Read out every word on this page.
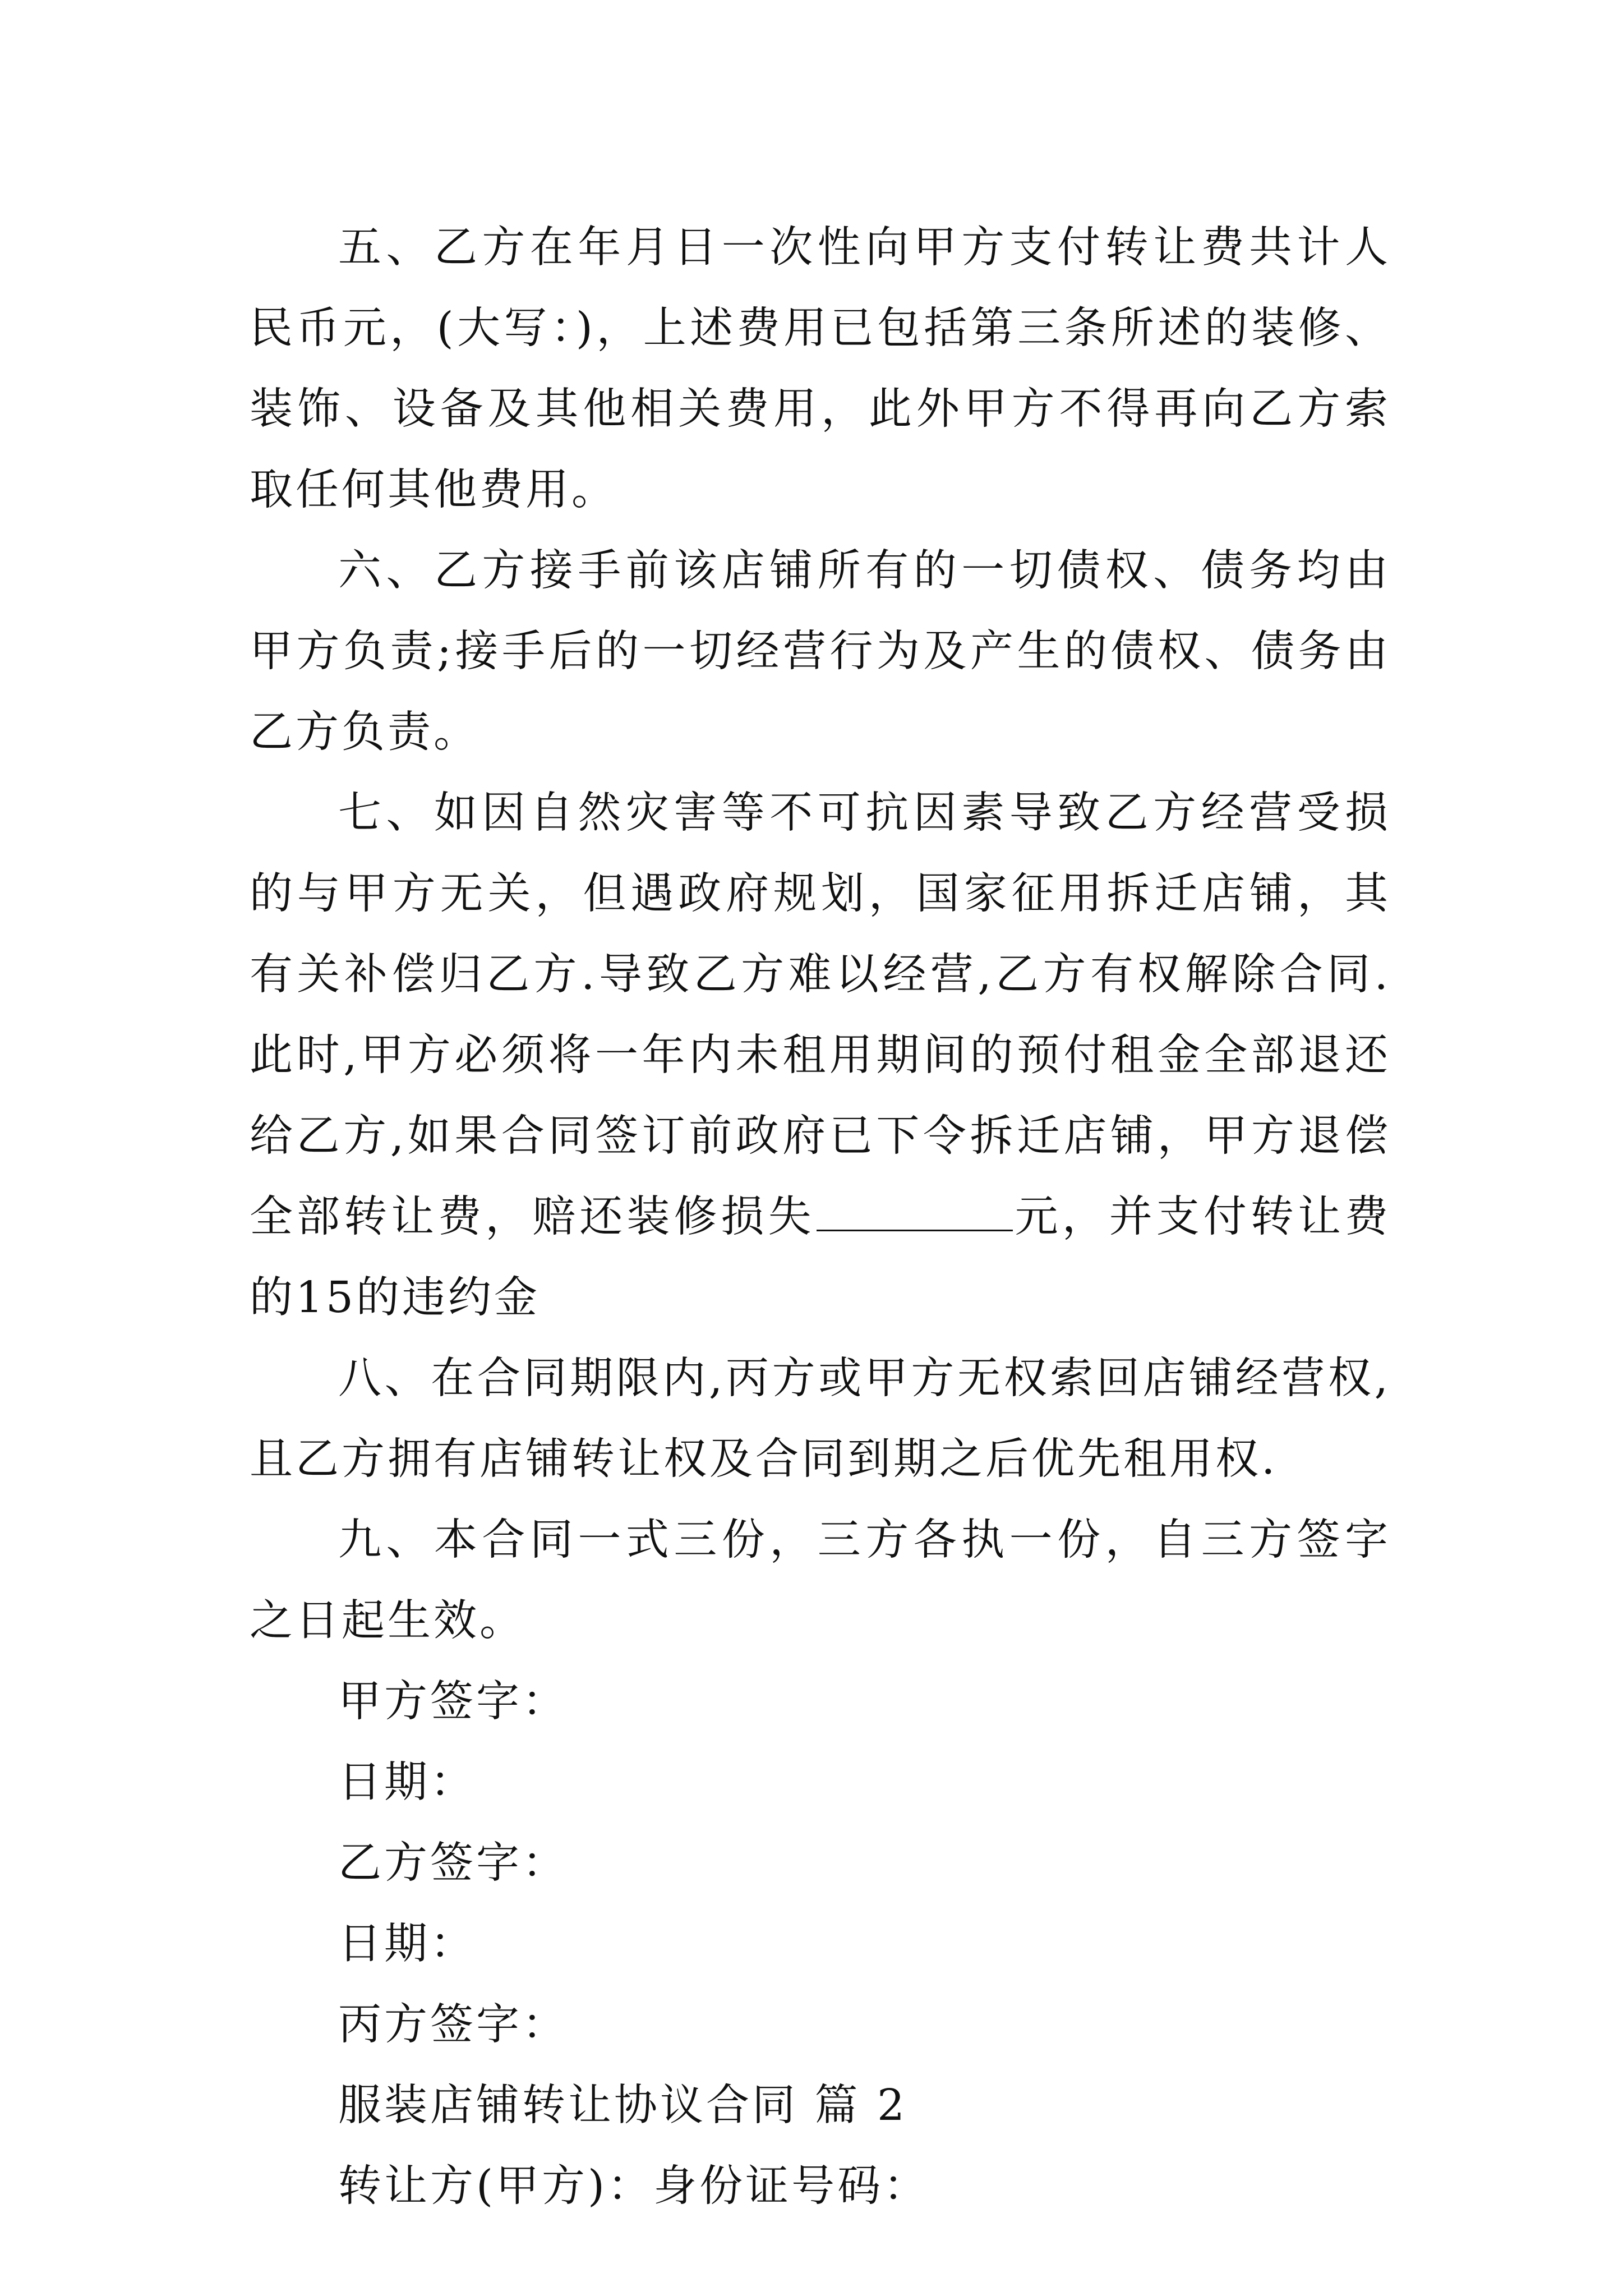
五、乙方在年月日一次性向甲方支付转让费共计人民币元，(大写：)，上述费用已包括第三条所述的装修、装饰、设备及其他相关费用，此外甲方不得再向乙方索取任何其他费用。

六、乙方接手前该店铺所有的一切债权、债务均由甲方负责;接手后的一切经营行为及产生的债权、债务由乙方负责。

七、如因自然灾害等不可抗因素导致乙方经营受损的与甲方无关，但遇政府规划，国家征用拆迁店铺，其有关补偿归乙方.导致乙方难以经营,乙方有权解除合同.此时,甲方必须将一年内未租用期间的预付租金全部退还给乙方,如果合同签订前政府已下令拆迁店铺，甲方退偿全部转让费，赔还装修损失	元，并支付转让费的15的违约金

八、在合同期限内,丙方或甲方无权索回店铺经营权,且乙方拥有店铺转让权及合同到期之后优先租用权.

九、本合同一式三份，三方各执一份，自三方签字之日起生效。

甲方签字：

日期：

乙方签字：

日期：

丙方签字：

服装店铺转让协议合同 篇 2

转让方(甲方)：身份证号码：
